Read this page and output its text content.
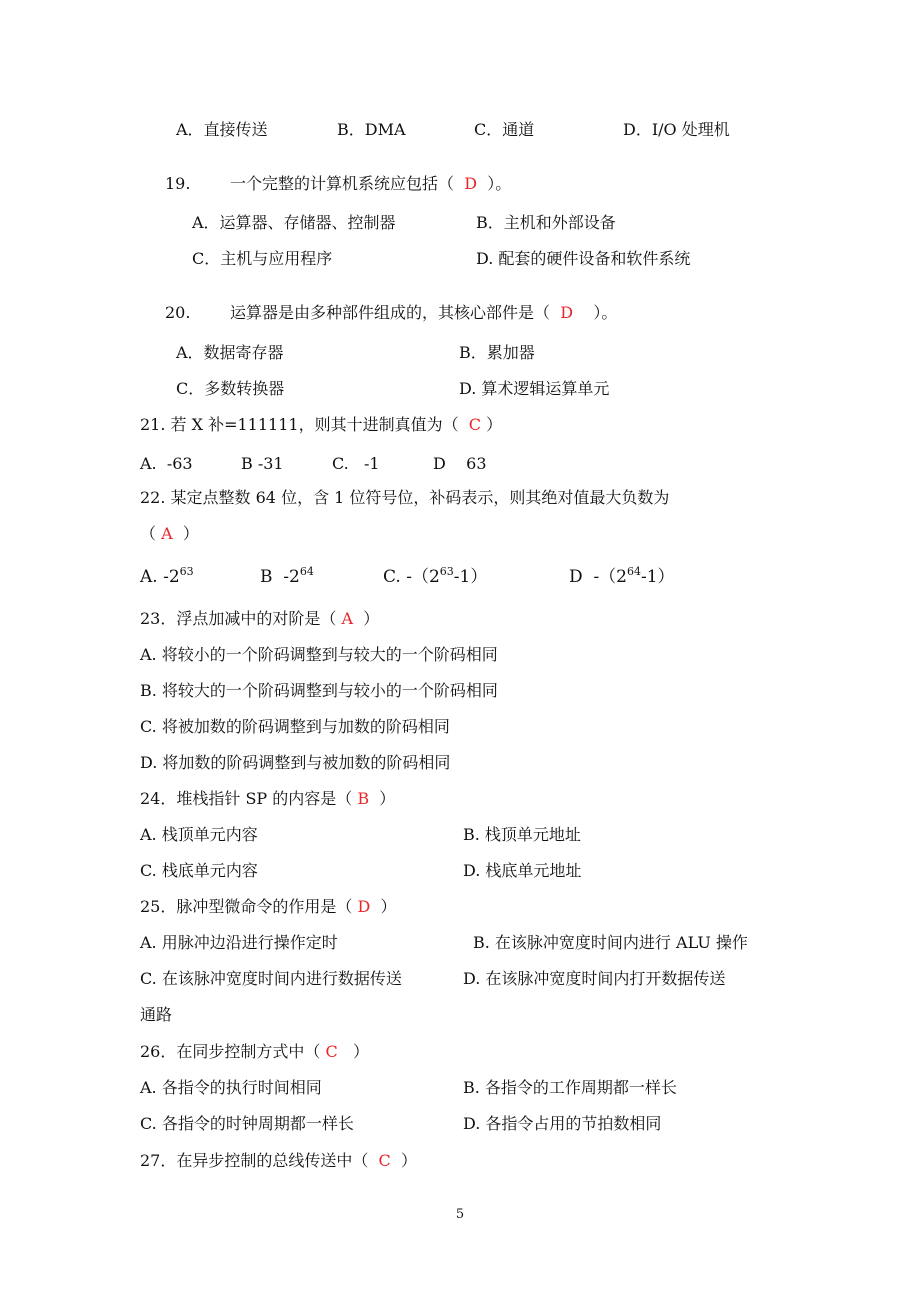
A．直接传送	B．DMA	C．通道	D．I/O 处理机
19. 一个完整的计算机系统应包括（ D ）。
A．运算器、存储器、控制器	B．主机和外部设备
C．主机与应用程序	D. 配套的硬件设备和软件系统
20. 运算器是由多种部件组成的，其核心部件是（ D ）。
A．数据寄存器	B．累加器
C．多数转换器	D. 算术逻辑运算单元
21. 若 X 补=111111，则其十进制真值为（ C ）
A.  -63	B -31	C.   -1	D    63
22. 某定点整数 64 位，含 1 位符号位，补码表示，则其绝对值最大负数为
（ A ）
A. $-2^{63}$	B  $-2^{64}$	C. $-(2^{63}-1)$	D  $-(2^{64}-1)$
23．浮点加减中的对阶是（ A ）
A. 将较小的一个阶码调整到与较大的一个阶码相同
B. 将较大的一个阶码调整到与较小的一个阶码相同
C. 将被加数的阶码调整到与加数的阶码相同
D. 将加数的阶码调整到与被加数的阶码相同
24．堆栈指针 SP 的内容是（ B ）
A. 栈顶单元内容	B. 栈顶单元地址
C. 栈底单元内容	D. 栈底单元地址
25．脉冲型微命令的作用是（ D ）
A. 用脉冲边沿进行操作定时	B. 在该脉冲宽度时间内进行 ALU 操作
C. 在该脉冲宽度时间内进行数据传送	D. 在该脉冲宽度时间内打开数据传送
通路
26．在同步控制方式中（ C ）
A. 各指令的执行时间相同	B. 各指令的工作周期都一样长
C. 各指令的时钟周期都一样长	D. 各指令占用的节拍数相同
27．在异步控制的总线传送中（ C ）
5
